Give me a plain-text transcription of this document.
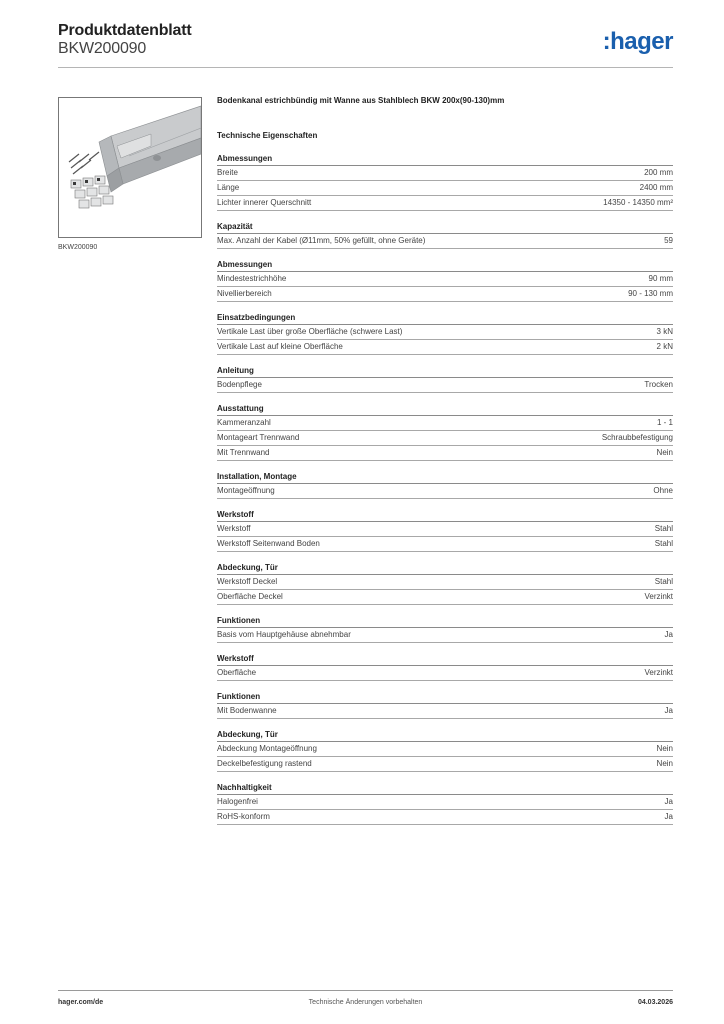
Produktdatenblatt
BKW200090	:hager
BKW200090
Bodenkanal estrichbündig mit Wanne aus Stahlblech BKW 200x(90-130)mm
Technische Eigenschaften
Abmessungen
Breite	200 mm
Länge	2400 mm
Lichter innerer Querschnitt	14350 - 14350 mm²
Kapazität
Max. Anzahl der Kabel (Ø11mm, 50% gefüllt, ohne Geräte)	59
Abmessungen
Mindestestrichhöhe	90 mm
Nivellierbereich	90 - 130 mm
Einsatzbedingungen
Vertikale Last über große Oberfläche (schwere Last)	3 kN
Vertikale Last auf kleine Oberfläche	2 kN
Anleitung
Bodenpflege	Trocken
Ausstattung
Kammeranzahl	1 - 1
Montageart Trennwand	Schraubbefestigung
Mit Trennwand	Nein
Installation, Montage
Montageöffnung	Ohne
Werkstoff
Werkstoff	Stahl
Werkstoff Seitenwand Boden	Stahl
Abdeckung, Tür
Werkstoff Deckel	Stahl
Oberfläche Deckel	Verzinkt
Funktionen
Basis vom Hauptgehäuse abnehmbar	Ja
Werkstoff
Oberfläche	Verzinkt
Funktionen
Mit Bodenwanne	Ja
Abdeckung, Tür
Abdeckung Montageöffnung	Nein
Deckelbefestigung rastend	Nein
Nachhaltigkeit
Halogenfrei	Ja
RoHS-konform	Ja
hager.com/de	Technische Änderungen vorbehalten	04.03.2026
